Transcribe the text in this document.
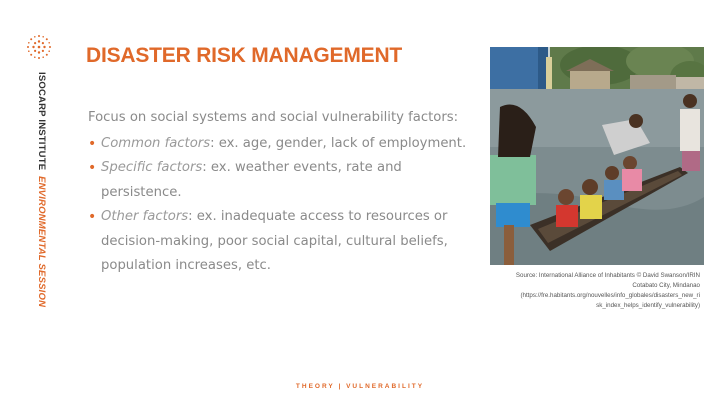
ISOCARP INSTITUTE ENVIRONMENTAL SESSION
DISASTER RISK MANAGEMENT

Focus on social systems and social vulnerability factors:

• Common factors: ex. age, gender, lack of employment.
• Specific factors: ex. weather events, rate and persistence.
• Other factors: ex. inadequate access to resources or decision-making, poor social capital, cultural beliefs, population increases, etc.
Source: International Alliance of Inhabitants © David Swanson/IRIN
Cotabato City, Mindanao
(https://fre.habitants.org/nouvelles/info_globales/disasters_new_ri
sk_index_helps_identify_vulnerability)
THEORY | VULNERABILITY
